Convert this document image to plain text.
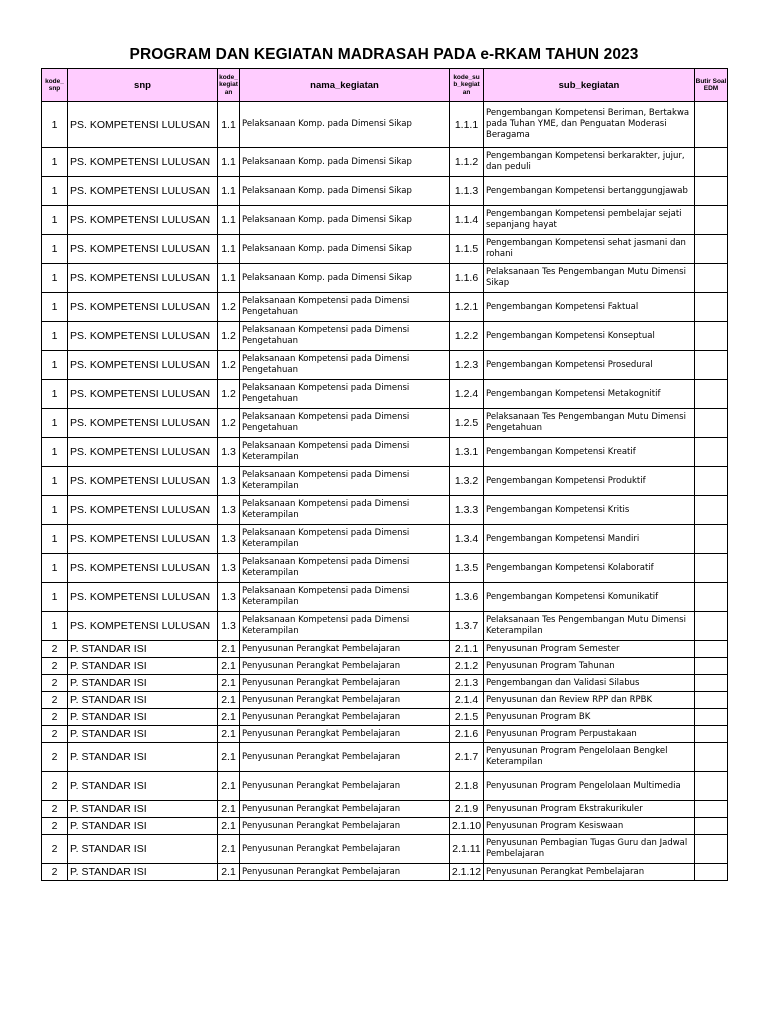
PROGRAM DAN KEGIATAN MADRASAH PADA e-RKAM TAHUN 2023
kode_ snp	snp	kode_ kegiat an	nama_kegiatan	kode_su b_kegiat an	sub_kegiatan	Butir Soal EDM
1	PS. KOMPETENSI LULUSAN	1.1	Pelaksanaan Komp. pada Dimensi Sikap	1.1.1	Pengembangan Kompetensi Beriman, Bertakwa pada Tuhan YME, dan Penguatan Moderasi Beragama	
1	PS. KOMPETENSI LULUSAN	1.1	Pelaksanaan Komp. pada Dimensi Sikap	1.1.2	Pengembangan Kompetensi berkarakter, jujur, dan peduli	
1	PS. KOMPETENSI LULUSAN	1.1	Pelaksanaan Komp. pada Dimensi Sikap	1.1.3	Pengembangan Kompetensi bertanggungjawab	
1	PS. KOMPETENSI LULUSAN	1.1	Pelaksanaan Komp. pada Dimensi Sikap	1.1.4	Pengembangan Kompetensi pembelajar sejati sepanjang hayat	
1	PS. KOMPETENSI LULUSAN	1.1	Pelaksanaan Komp. pada Dimensi Sikap	1.1.5	Pengembangan Kompetensi sehat jasmani dan rohani	
1	PS. KOMPETENSI LULUSAN	1.1	Pelaksanaan Komp. pada Dimensi Sikap	1.1.6	Pelaksanaan Tes Pengembangan Mutu Dimensi Sikap	
1	PS. KOMPETENSI LULUSAN	1.2	Pelaksanaan Kompetensi pada Dimensi Pengetahuan	1.2.1	Pengembangan Kompetensi Faktual	
1	PS. KOMPETENSI LULUSAN	1.2	Pelaksanaan Kompetensi pada Dimensi Pengetahuan	1.2.2	Pengembangan Kompetensi Konseptual	
1	PS. KOMPETENSI LULUSAN	1.2	Pelaksanaan Kompetensi pada Dimensi Pengetahuan	1.2.3	Pengembangan Kompetensi Prosedural	
1	PS. KOMPETENSI LULUSAN	1.2	Pelaksanaan Kompetensi pada Dimensi Pengetahuan	1.2.4	Pengembangan Kompetensi Metakognitif	
1	PS. KOMPETENSI LULUSAN	1.2	Pelaksanaan Kompetensi pada Dimensi Pengetahuan	1.2.5	Pelaksanaan Tes Pengembangan Mutu Dimensi Pengetahuan	
1	PS. KOMPETENSI LULUSAN	1.3	Pelaksanaan Kompetensi pada Dimensi Keterampilan	1.3.1	Pengembangan Kompetensi Kreatif	
1	PS. KOMPETENSI LULUSAN	1.3	Pelaksanaan Kompetensi pada Dimensi Keterampilan	1.3.2	Pengembangan Kompetensi Produktif	
1	PS. KOMPETENSI LULUSAN	1.3	Pelaksanaan Kompetensi pada Dimensi Keterampilan	1.3.3	Pengembangan Kompetensi Kritis	
1	PS. KOMPETENSI LULUSAN	1.3	Pelaksanaan Kompetensi pada Dimensi Keterampilan	1.3.4	Pengembangan Kompetensi Mandiri	
1	PS. KOMPETENSI LULUSAN	1.3	Pelaksanaan Kompetensi pada Dimensi Keterampilan	1.3.5	Pengembangan Kompetensi Kolaboratif	
1	PS. KOMPETENSI LULUSAN	1.3	Pelaksanaan Kompetensi pada Dimensi Keterampilan	1.3.6	Pengembangan Kompetensi Komunikatif	
1	PS. KOMPETENSI LULUSAN	1.3	Pelaksanaan Kompetensi pada Dimensi Keterampilan	1.3.7	Pelaksanaan Tes Pengembangan Mutu Dimensi Keterampilan	
2	P. STANDAR ISI	2.1	Penyusunan Perangkat Pembelajaran	2.1.1	Penyusunan Program Semester	
2	P. STANDAR ISI	2.1	Penyusunan Perangkat Pembelajaran	2.1.2	Penyusunan Program Tahunan	
2	P. STANDAR ISI	2.1	Penyusunan Perangkat Pembelajaran	2.1.3	Pengembangan dan Validasi Silabus	
2	P. STANDAR ISI	2.1	Penyusunan Perangkat Pembelajaran	2.1.4	Penyusunan dan Review RPP dan RPBK	
2	P. STANDAR ISI	2.1	Penyusunan Perangkat Pembelajaran	2.1.5	Penyusunan Program BK	
2	P. STANDAR ISI	2.1	Penyusunan Perangkat Pembelajaran	2.1.6	Penyusunan Program Perpustakaan	
2	P. STANDAR ISI	2.1	Penyusunan Perangkat Pembelajaran	2.1.7	Penyusunan Program Pengelolaan Bengkel Keterampilan	
2	P. STANDAR ISI	2.1	Penyusunan Perangkat Pembelajaran	2.1.8	Penyusunan Program Pengelolaan Multimedia	
2	P. STANDAR ISI	2.1	Penyusunan Perangkat Pembelajaran	2.1.9	Penyusunan Program Ekstrakurikuler	
2	P. STANDAR ISI	2.1	Penyusunan Perangkat Pembelajaran	2.1.10	Penyusunan Program Kesiswaan	
2	P. STANDAR ISI	2.1	Penyusunan Perangkat Pembelajaran	2.1.11	Penyusunan Pembagian Tugas Guru dan Jadwal Pembelajaran	
2	P. STANDAR ISI	2.1	Penyusunan Perangkat Pembelajaran	2.1.12	Penyusunan Perangkat Pembelajaran	
